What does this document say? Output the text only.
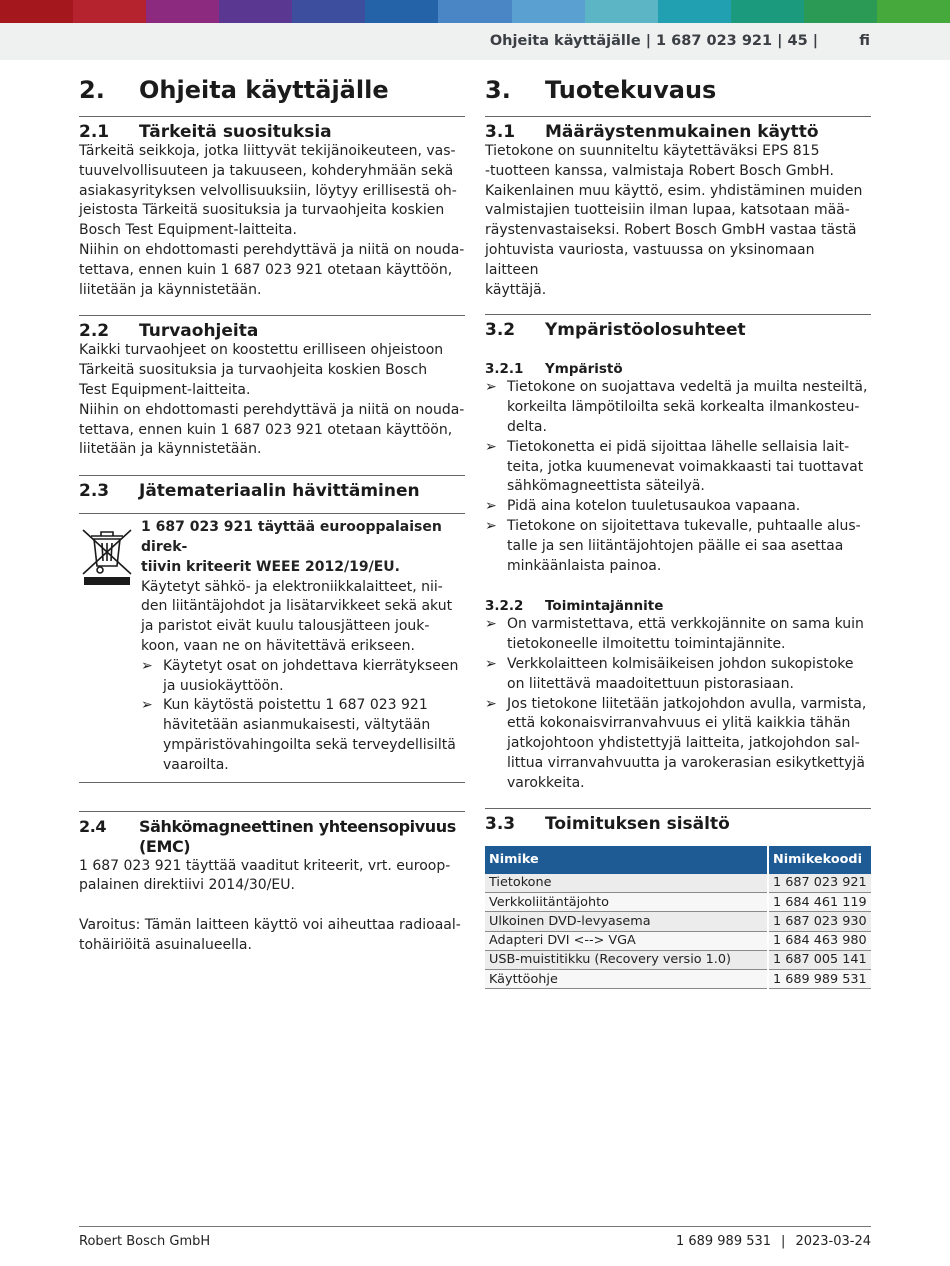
Ohjeita käyttäjälle | 1 687 023 921 | 45 |	fi
2.	Ohjeita käyttäjälle
2.1	Tärkeitä suosituksia

Tärkeitä seikkoja, jotka liittyvät tekijänoikeuteen, vas-
tuuvelvollisuuteen ja takuuseen, kohderyhmään sekä
asiakasyrityksen velvollisuuksiin, löytyy erillisestä oh-
jeistosta Tärkeitä suosituksia ja turvaohjeita koskien
Bosch Test Equipment-laitteita.

Niihin on ehdottomasti perehdyttävä ja niitä on nouda-
tettava, ennen kuin 1 687 023 921 otetaan käyttöön,
liitetään ja käynnistetään.

2.2	Turvaohjeita

Kaikki turvaohjeet on koostettu erilliseen ohjeistoon
Tärkeitä suosituksia ja turvaohjeita koskien Bosch
Test Equipment-laitteita.

Niihin on ehdottomasti perehdyttävä ja niitä on nouda-
tettava, ennen kuin 1 687 023 921 otetaan käyttöön,
liitetään ja käynnistetään.

2.3	Jätemateriaalin hävittäminen

1 687 023 921 täyttää eurooppalaisen direk-
tiivin kriteerit WEEE 2012/19/EU.

Käytetyt sähkö- ja elektroniikkalaitteet, nii-
den liitäntäjohdot ja lisätarvikkeet sekä akut
ja paristot eivät kuulu talousjätteen jouk-
koon, vaan ne on hävitettävä erikseen.

➢ Käytetyt osat on johdettava kierrätykseen
ja uusiokäyttöön.
➢ Kun käytöstä poistettu 1 687 023 921
hävitetään asianmukaisesti, vältytään
ympäristövahingoilta sekä terveydellisiltä
vaaroilta.
2.4	Sähkömagneettinen yhteensopivuus
(EMC)

1 687 023 921 täyttää vaaditut kriteerit, vrt. euroop-
palainen direktiivi 2014/30/EU.

Varoitus: Tämän laitteen käyttö voi aiheuttaa radioaal-
tohäiriöitä asuinalueella.

3.	Tuotekuvaus
3.1	Määräystenmukainen käyttö

Tietokone on suunniteltu käytettäväksi EPS 815
-tuotteen kanssa, valmistaja Robert Bosch GmbH.
Kaikenlainen muu käyttö, esim. yhdistäminen muiden
valmistajien tuotteisiin ilman lupaa, katsotaan mää-
räystenvastaiseksi. Robert Bosch GmbH vastaa tästä
johtuvista vauriosta, vastuussa on yksinomaan laitteen
käyttäjä.

3.2	Ympäristöolosuhteet
3.2.1	Ympäristö
➢ Tietokone on suojattava vedeltä ja muilta nesteiltä,
korkeilta lämpötiloilta sekä korkealta ilmankosteu-
delta.
➢ Tietokonetta ei pidä sijoittaa lähelle sellaisia lait-
teita, jotka kuumenevat voimakkaasti tai tuottavat
sähkömagneettista säteilyä.
➢ Pidä aina kotelon tuuletusaukoa vapaana.
➢ Tietokone on sijoitettava tukevalle, puhtaalle alus-
talle ja sen liitäntäjohtojen päälle ei saa asettaa
minkäänlaista painoa.
3.2.2	Toimintajännite
➢ On varmistettava, että verkkojännite on sama kuin
tietokoneelle ilmoitettu toimintajännite.
➢ Verkkolaitteen kolmisäikeisen johdon sukopistoke
on liitettävä maadoitettuun pistorasiaan.
➢ Jos tietokone liitetään jatkojohdon avulla, varmista,
että kokonaisvirranvahvuus ei ylitä kaikkia tähän
jatkojohtoon yhdistettyjä laitteita, jatkojohdon sal-
littua virranvahvuutta ja varokerasian esikytkettyjä
varokkeita.
3.3	Toimituksen sisältö
Nimike	Nimikekoodi
Tietokone	1 687 023 921
Verkkoliitäntäjohto	1 684 461 119
Ulkoinen DVD-levyasema	1 687 023 930
Adapteri DVI <--> VGA	1 684 463 980
USB-muistitikku (Recovery versio 1.0)	1 687 005 141
Käyttöohje	1 689 989 531
Robert Bosch GmbH	1 689 989 531 | 2023-03-24
